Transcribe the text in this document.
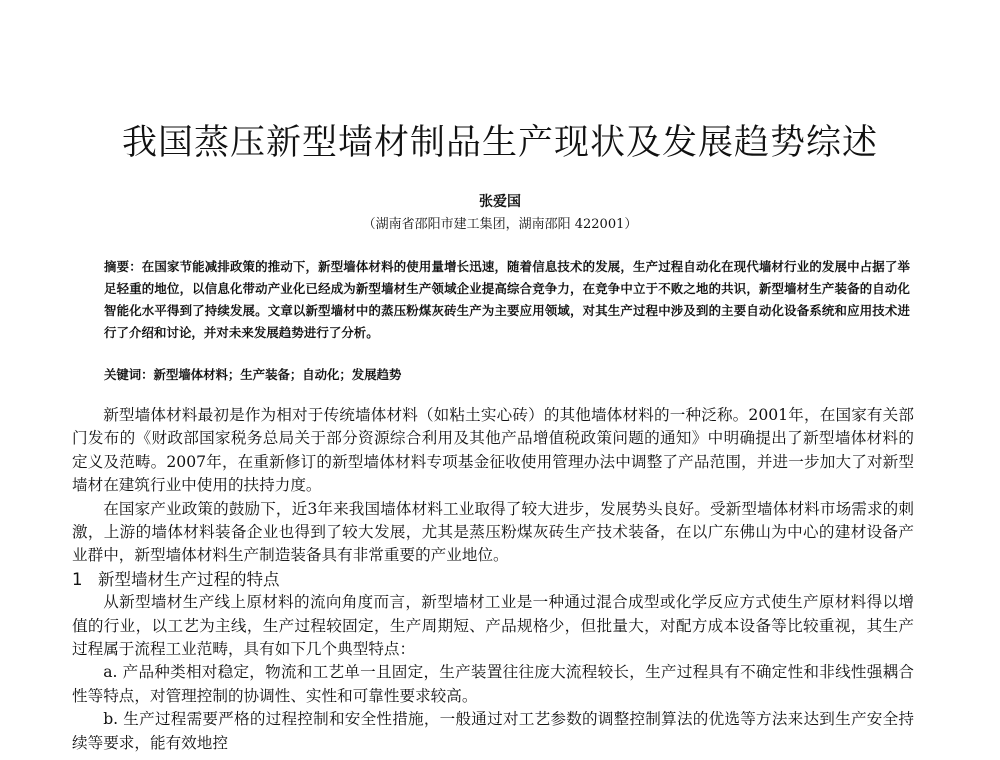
我国蒸压新型墙材制品生产现状及发展趋势综述
张爱国
（湖南省邵阳市建工集团，湖南邵阳 422001）
摘要：在国家节能减排政策的推动下，新型墙体材料的使用量增长迅速，随着信息技术的发展，生产过程自动化在现代墙材行业的发展中占据了举足轻重的地位，以信息化带动产业化已经成为新型墙材生产领域企业提高综合竞争力，在竞争中立于不败之地的共识，新型墙材生产装备的自动化智能化水平得到了持续发展。文章以新型墙材中的蒸压粉煤灰砖生产为主要应用领域，对其生产过程中涉及到的主要自动化设备系统和应用技术进行了介绍和讨论，并对未来发展趋势进行了分析。
关键词：新型墙体材料；生产装备；自动化；发展趋势

新型墙体材料最初是作为相对于传统墙体材料（如粘土实心砖）的其他墙体材料的一种泛称。2001年，在国家有关部门发布的《财政部国家税务总局关于部分资源综合利用及其他产品增值税政策问题的通知》中明确提出了新型墙体材料的定义及范畴。2007年，在重新修订的新型墙体材料专项基金征收使用管理办法中调整了产品范围，并进一步加大了对新型墙材在建筑行业中使用的扶持力度。

在国家产业政策的鼓励下，近3年来我国墙体材料工业取得了较大进步，发展势头良好。受新型墙体材料市场需求的刺激，上游的墙体材料装备企业也得到了较大发展，尤其是蒸压粉煤灰砖生产技术装备，在以广东佛山为中心的建材设备产业群中，新型墙体材料生产制造装备具有非常重要的产业地位。

1 新型墙材生产过程的特点

从新型墙材生产线上原材料的流向角度而言，新型墙材工业是一种通过混合成型或化学反应方式使生产原材料得以增值的行业，以工艺为主线，生产过程较固定，生产周期短、产品规格少，但批量大，对配方成本设备等比较重视，其生产过程属于流程工业范畴，具有如下几个典型特点：

a. 产品种类相对稳定，物流和工艺单一且固定，生产装置往往庞大流程较长，生产过程具有不确定性和非线性强耦合性等特点，对管理控制的协调性、实性和可靠性要求较高。

b. 生产过程需要严格的过程控制和安全性措施，一般通过对工艺参数的调整控制算法的优选等方法来达到生产安全持续等要求，能有效地控
